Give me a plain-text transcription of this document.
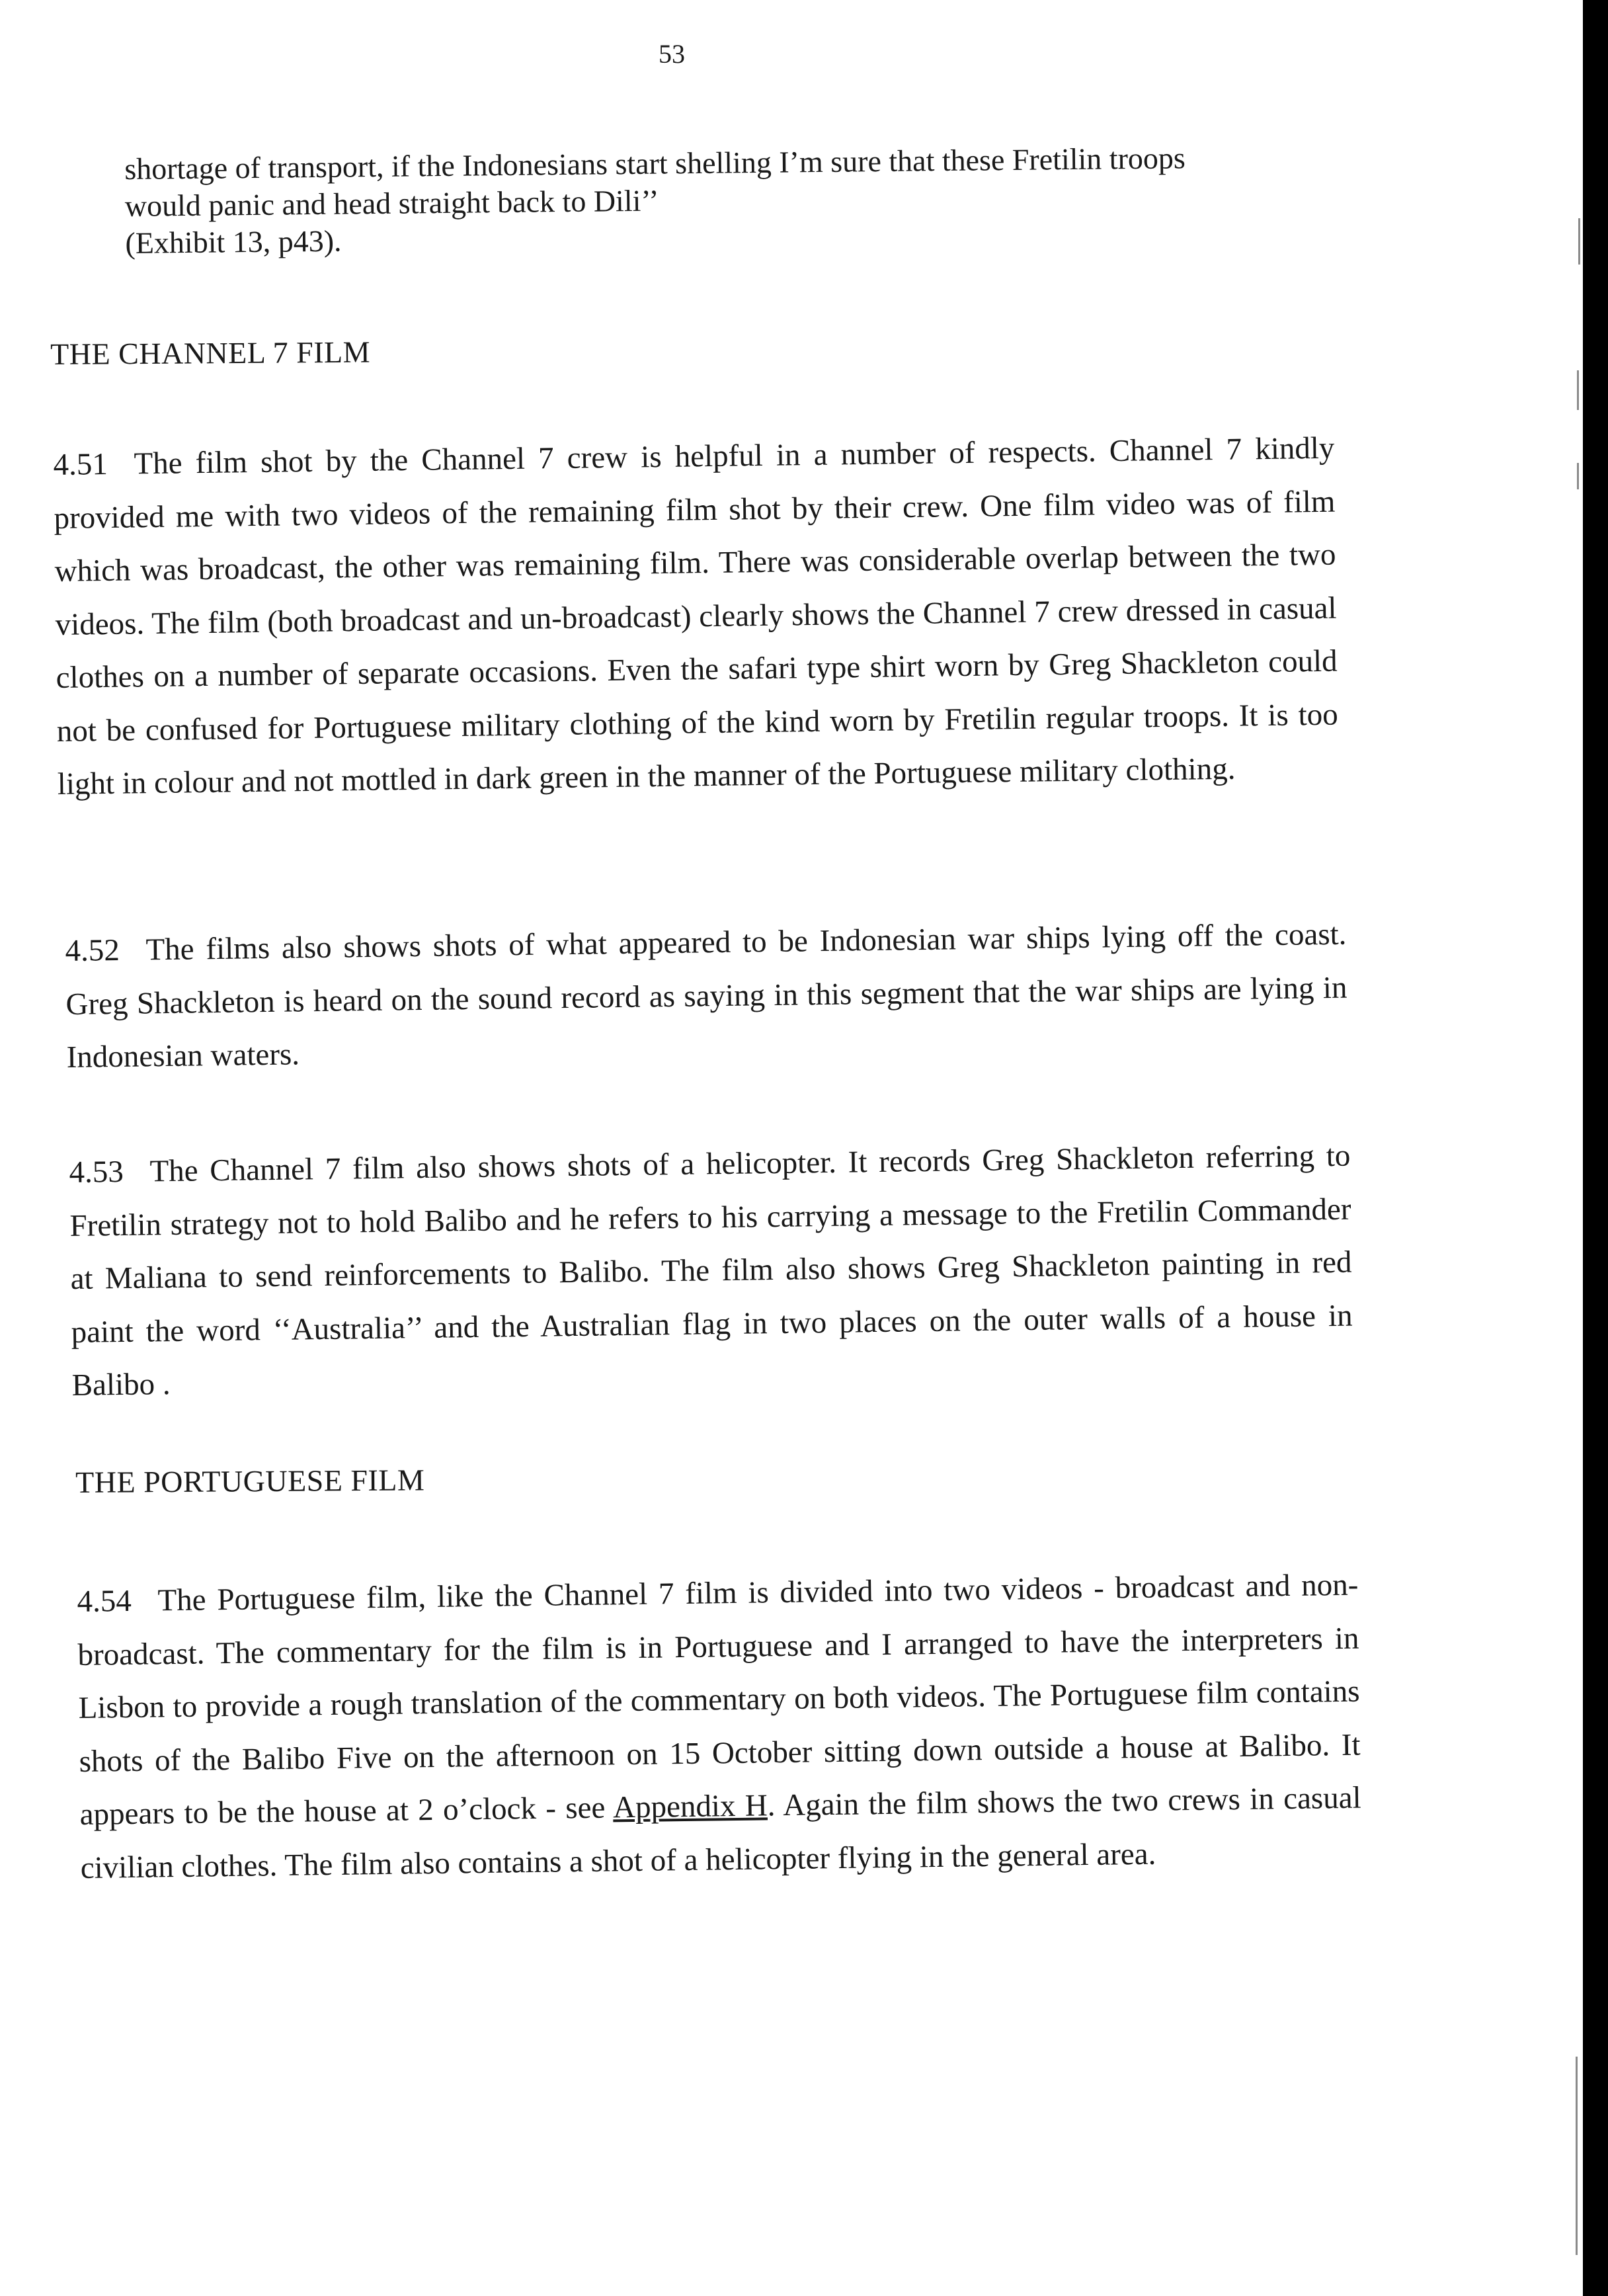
53

shortage of transport, if the Indonesians start shelling I’m sure that these Fretilin troops

would panic and head straight back to Dili’’

(Exhibit 13, p43).

THE CHANNEL 7 FILM
4.51 The film shot by the Channel 7 crew is helpful in a number of respects. Channel 7 kindly provided me with two videos of the remaining film shot by their crew. One film video was of film which was broadcast, the other was remaining film. There was considerable overlap between the two videos. The film (both broadcast and un-broadcast) clearly shows the Channel 7 crew dressed in casual clothes on a number of separate occasions. Even the safari type shirt worn by Greg Shackleton could not be confused for Portuguese military clothing of the kind worn by Fretilin regular troops. It is too light in colour and not mottled in dark green in the manner of the Portuguese military clothing.
4.52 The films also shows shots of what appeared to be Indonesian war ships lying off the coast. Greg Shackleton is heard on the sound record as saying in this segment that the war ships are lying in Indonesian waters.
4.53 The Channel 7 film also shows shots of a helicopter. It records Greg Shackleton referring to Fretilin strategy not to hold Balibo and he refers to his carrying a message to the Fretilin Commander at Maliana to send reinforcements to Balibo. The film also shows Greg Shackleton painting in red paint the word ‘‘Australia’’ and the Australian flag in two places on the outer walls of a house in Balibo .
THE PORTUGUESE FILM
4.54 The Portuguese film, like the Channel 7 film is divided into two videos - broadcast and non-broadcast. The commentary for the film is in Portuguese and I arranged to have the interpreters in Lisbon to provide a rough translation of the commentary on both videos. The Portuguese film contains shots of the Balibo Five on the afternoon on 15 October sitting down outside a house at Balibo. It appears to be the house at 2 o’clock - see Appendix H. Again the film shows the two crews in casual civilian clothes. The film also contains a shot of a helicopter flying in the general area.
